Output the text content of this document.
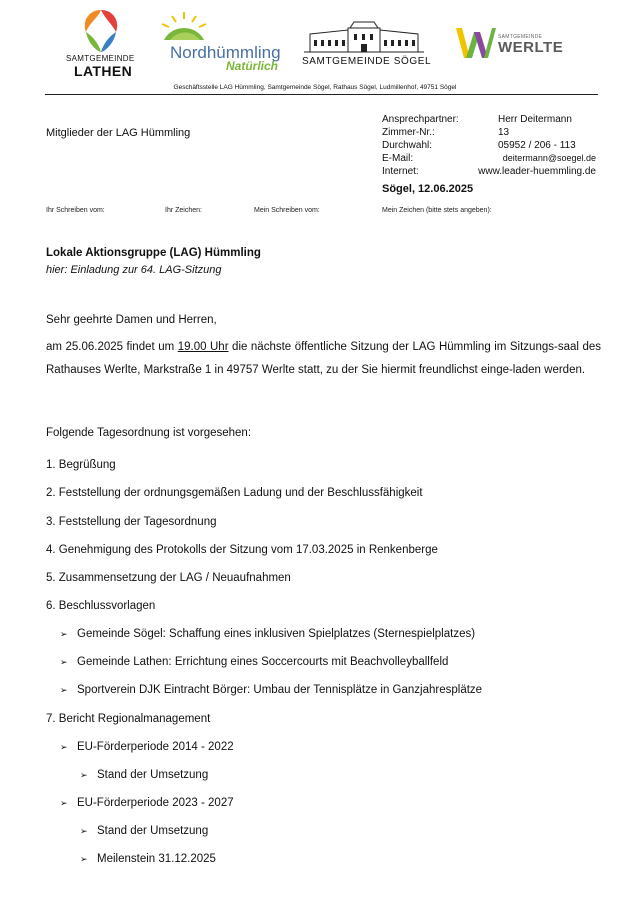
SAMTGEMEINDE
LATHEN
Nordhümmling
Natürlich SAMTGEMEINDE SÖGEL
SAMTGEMEINDE
WERLTE
Geschäftsstelle LAG Hümmling, Samtgemeinde Sögel, Rathaus Sögel, Ludmillenhof, 49751 Sögel
Mitglieder der LAG Hümmling
Ansprechpartner:	Herr Deitermann
Zimmer-Nr.:	13
Durchwahl:	05952 / 206 - 113
E-Mail:	deitermann@soegel.de
Internet:	www.leader-huemmling.de
Sögel, 12.06.2025
Ihr Schreiben vom:	Ihr Zeichen:	Mein Schreiben vom:	Mein Zeichen (bitte stets angeben):
Lokale Aktionsgruppe (LAG) Hümmling
hier: Einladung zur 64. LAG-Sitzung
Sehr geehrte Damen und Herren,
am 25.06.2025 findet um 19.00 Uhr die nächste öffentliche Sitzung der LAG Hümmling im Sitzungs-saal des Rathauses Werlte, Markstraße 1 in 49757 Werlte statt, zu der Sie hiermit freundlichst einge-laden werden.
Folgende Tagesordnung ist vorgesehen:
1. Begrüßung
2. Feststellung der ordnungsgemäßen Ladung und der Beschlussfähigkeit
3. Feststellung der Tagesordnung
4. Genehmigung des Protokolls der Sitzung vom 17.03.2025 in Renkenberge
5. Zusammensetzung der LAG / Neuaufnahmen
6. Beschlussvorlagen
➢ Gemeinde Sögel: Schaffung eines inklusiven Spielplatzes (Sternespielplatzes)
➢ Gemeinde Lathen: Errichtung eines Soccercourts mit Beachvolleyballfeld
➢ Sportverein DJK Eintracht Börger: Umbau der Tennisplätze in Ganzjahresplätze
7. Bericht Regionalmanagement
➢ EU-Förderperiode 2014 - 2022
➢ Stand der Umsetzung
➢ EU-Förderperiode 2023 - 2027
➢ Stand der Umsetzung
➢ Meilenstein 31.12.2025
